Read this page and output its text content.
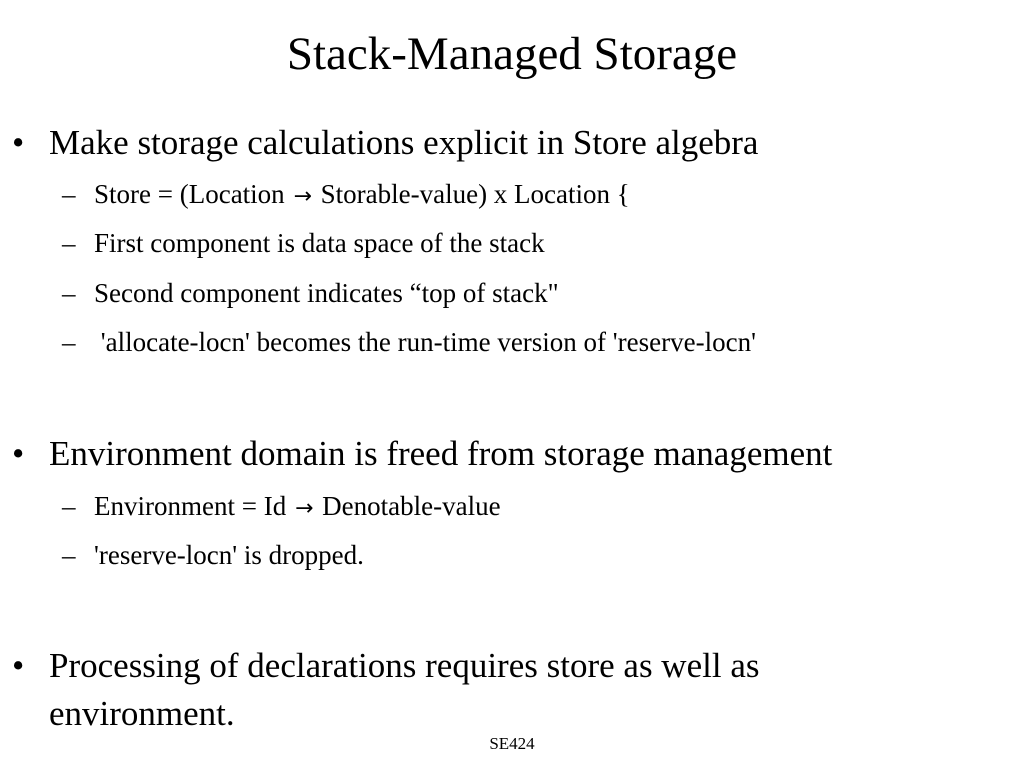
Stack-Managed Storage
• Make storage calculations explicit in Store algebra
– Store = (Location → Storable-value) x Location {
– First component is data space of the stack
– Second component indicates “top of stack"
– 'allocate-locn' becomes the run-time version of 'reserve-locn'
• Environment domain is freed from storage management
– Environment = Id → Denotable-value
– 'reserve-locn' is dropped.
• Processing of declarations requires store as well as
environment.
SE424
